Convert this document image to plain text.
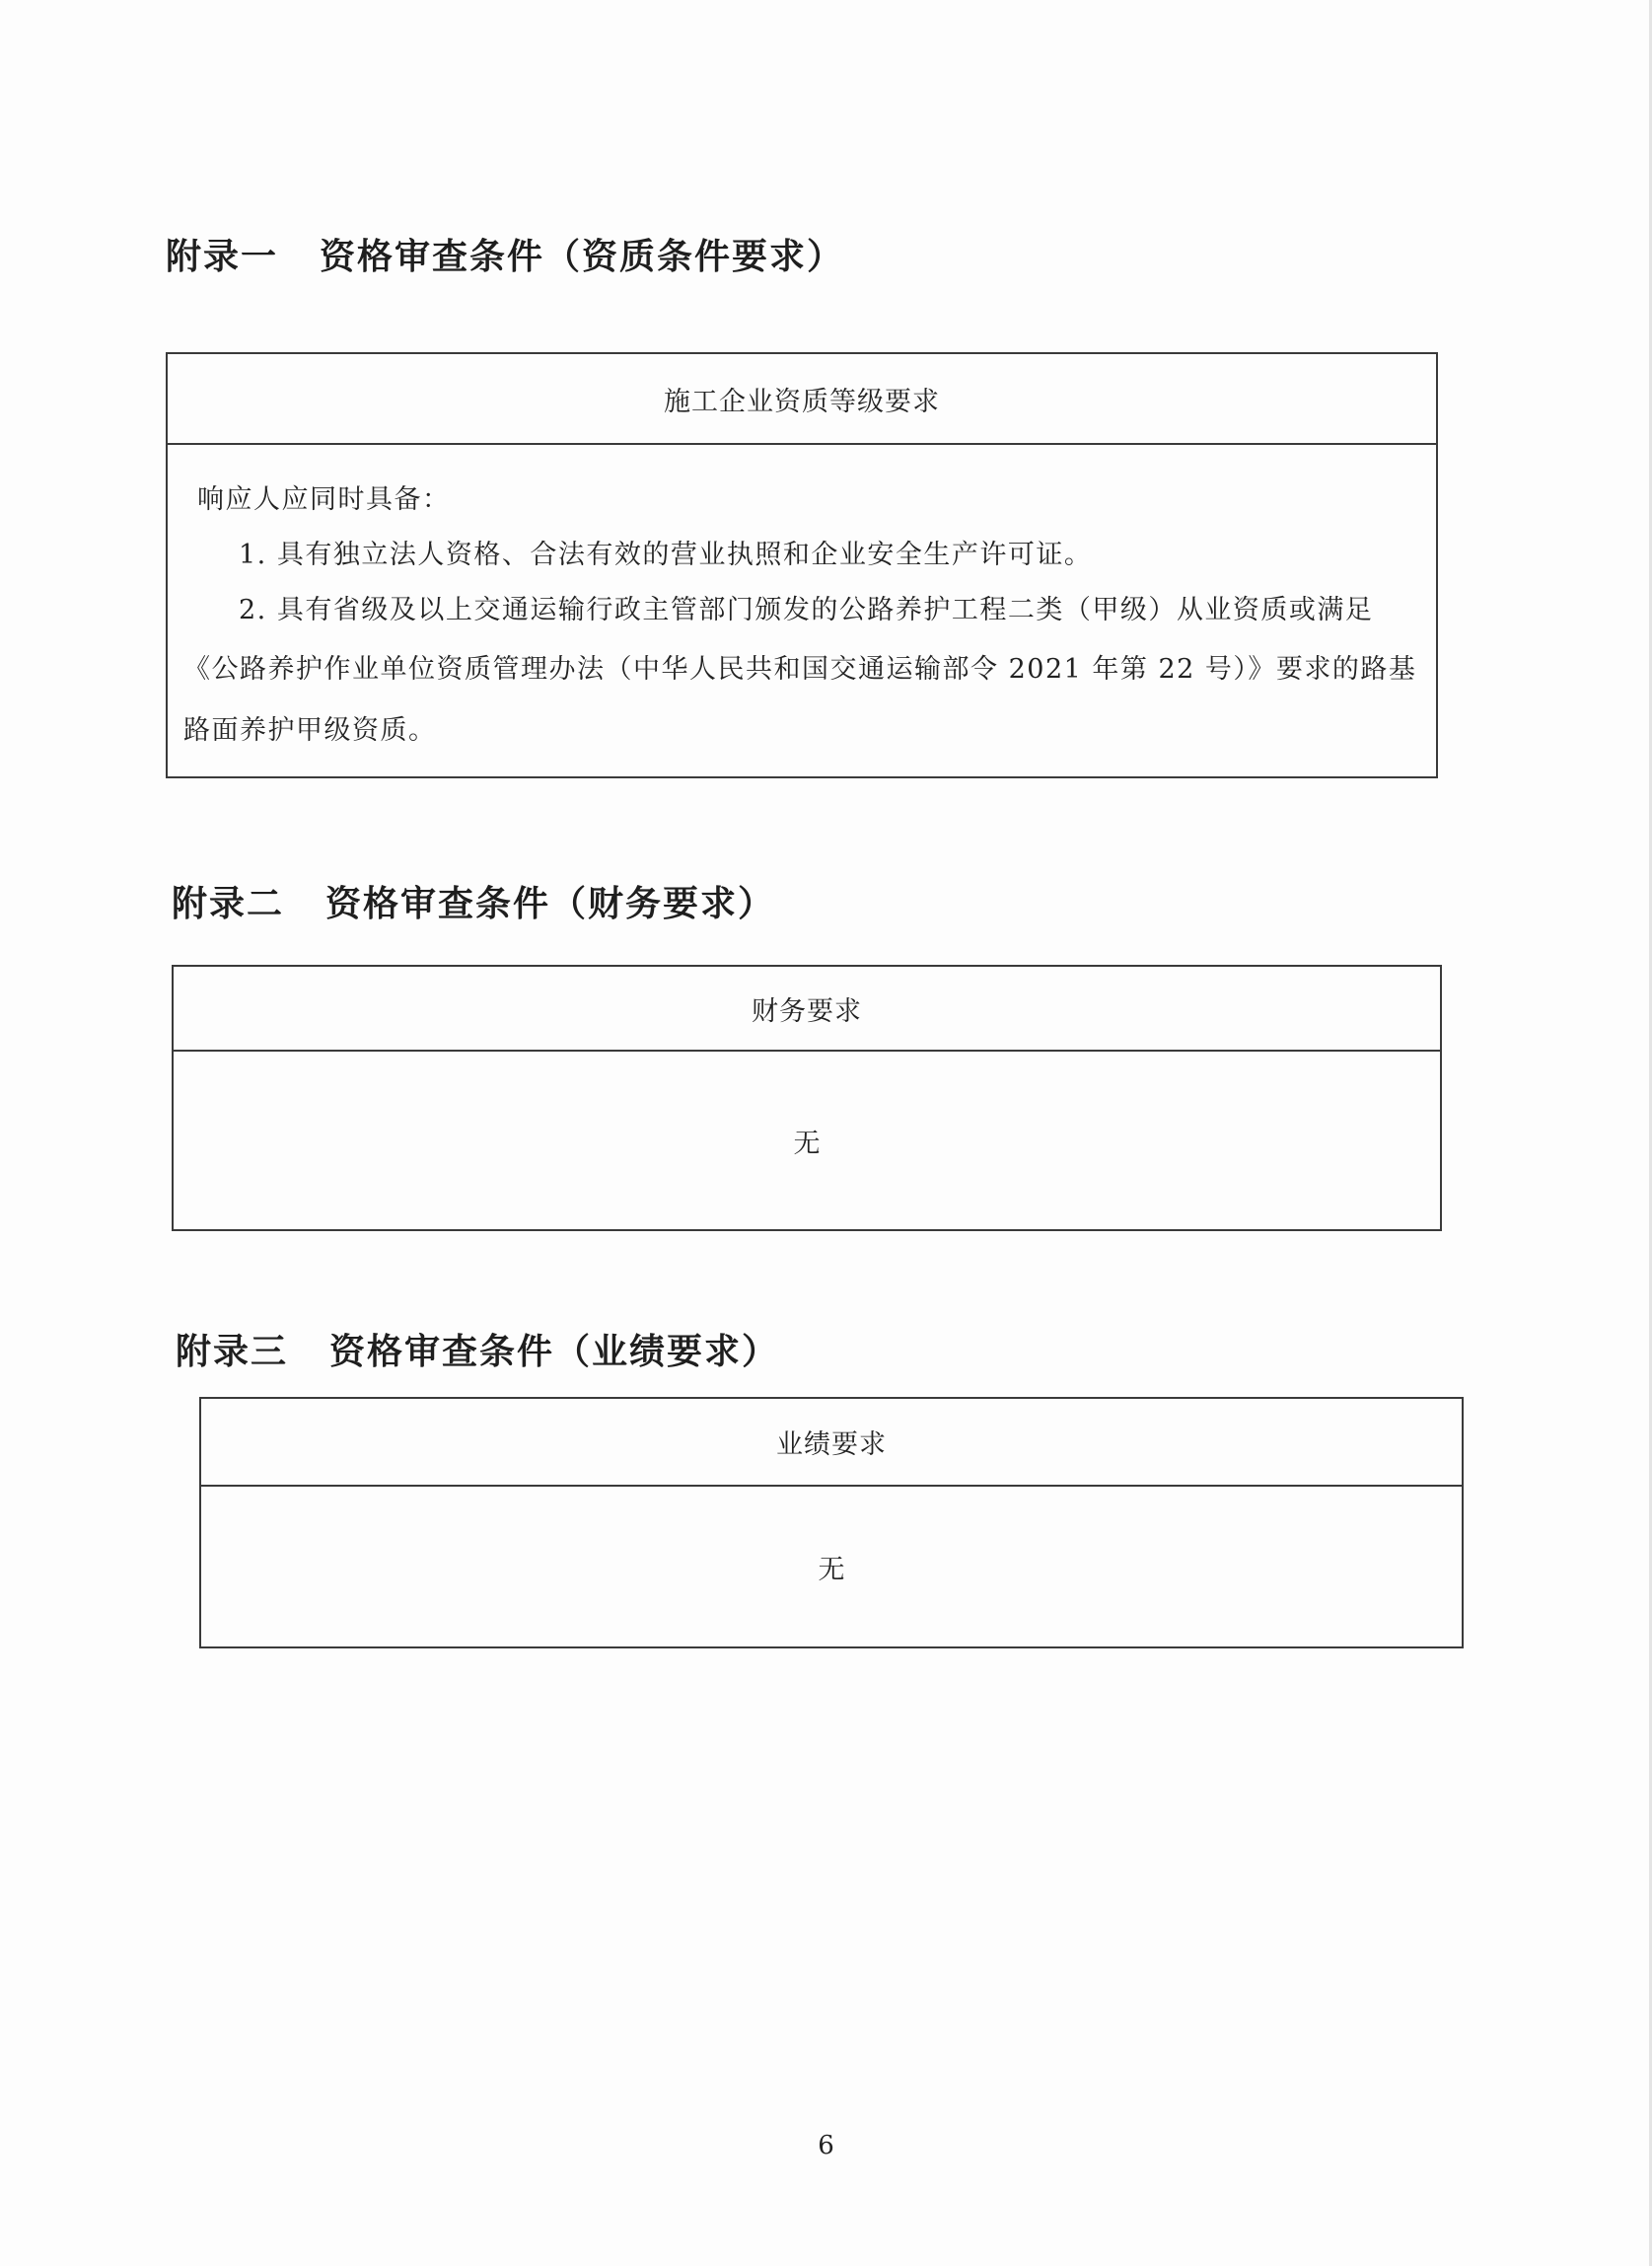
附录一 资格审查条件（资质条件要求）
施工企业资质等级要求
响应人应同时具备：
1. 具有独立法人资格、合法有效的营业执照和企业安全生产许可证。
2. 具有省级及以上交通运输行政主管部门颁发的公路养护工程二类（甲级）从业资质或满足
《公路养护作业单位资质管理办法（中华人民共和国交通运输部令 2021 年第 22 号）》要求的路基
路面养护甲级资质。
附录二 资格审查条件（财务要求）
财务要求
无
附录三 资格审查条件（业绩要求）
业绩要求
无
6
